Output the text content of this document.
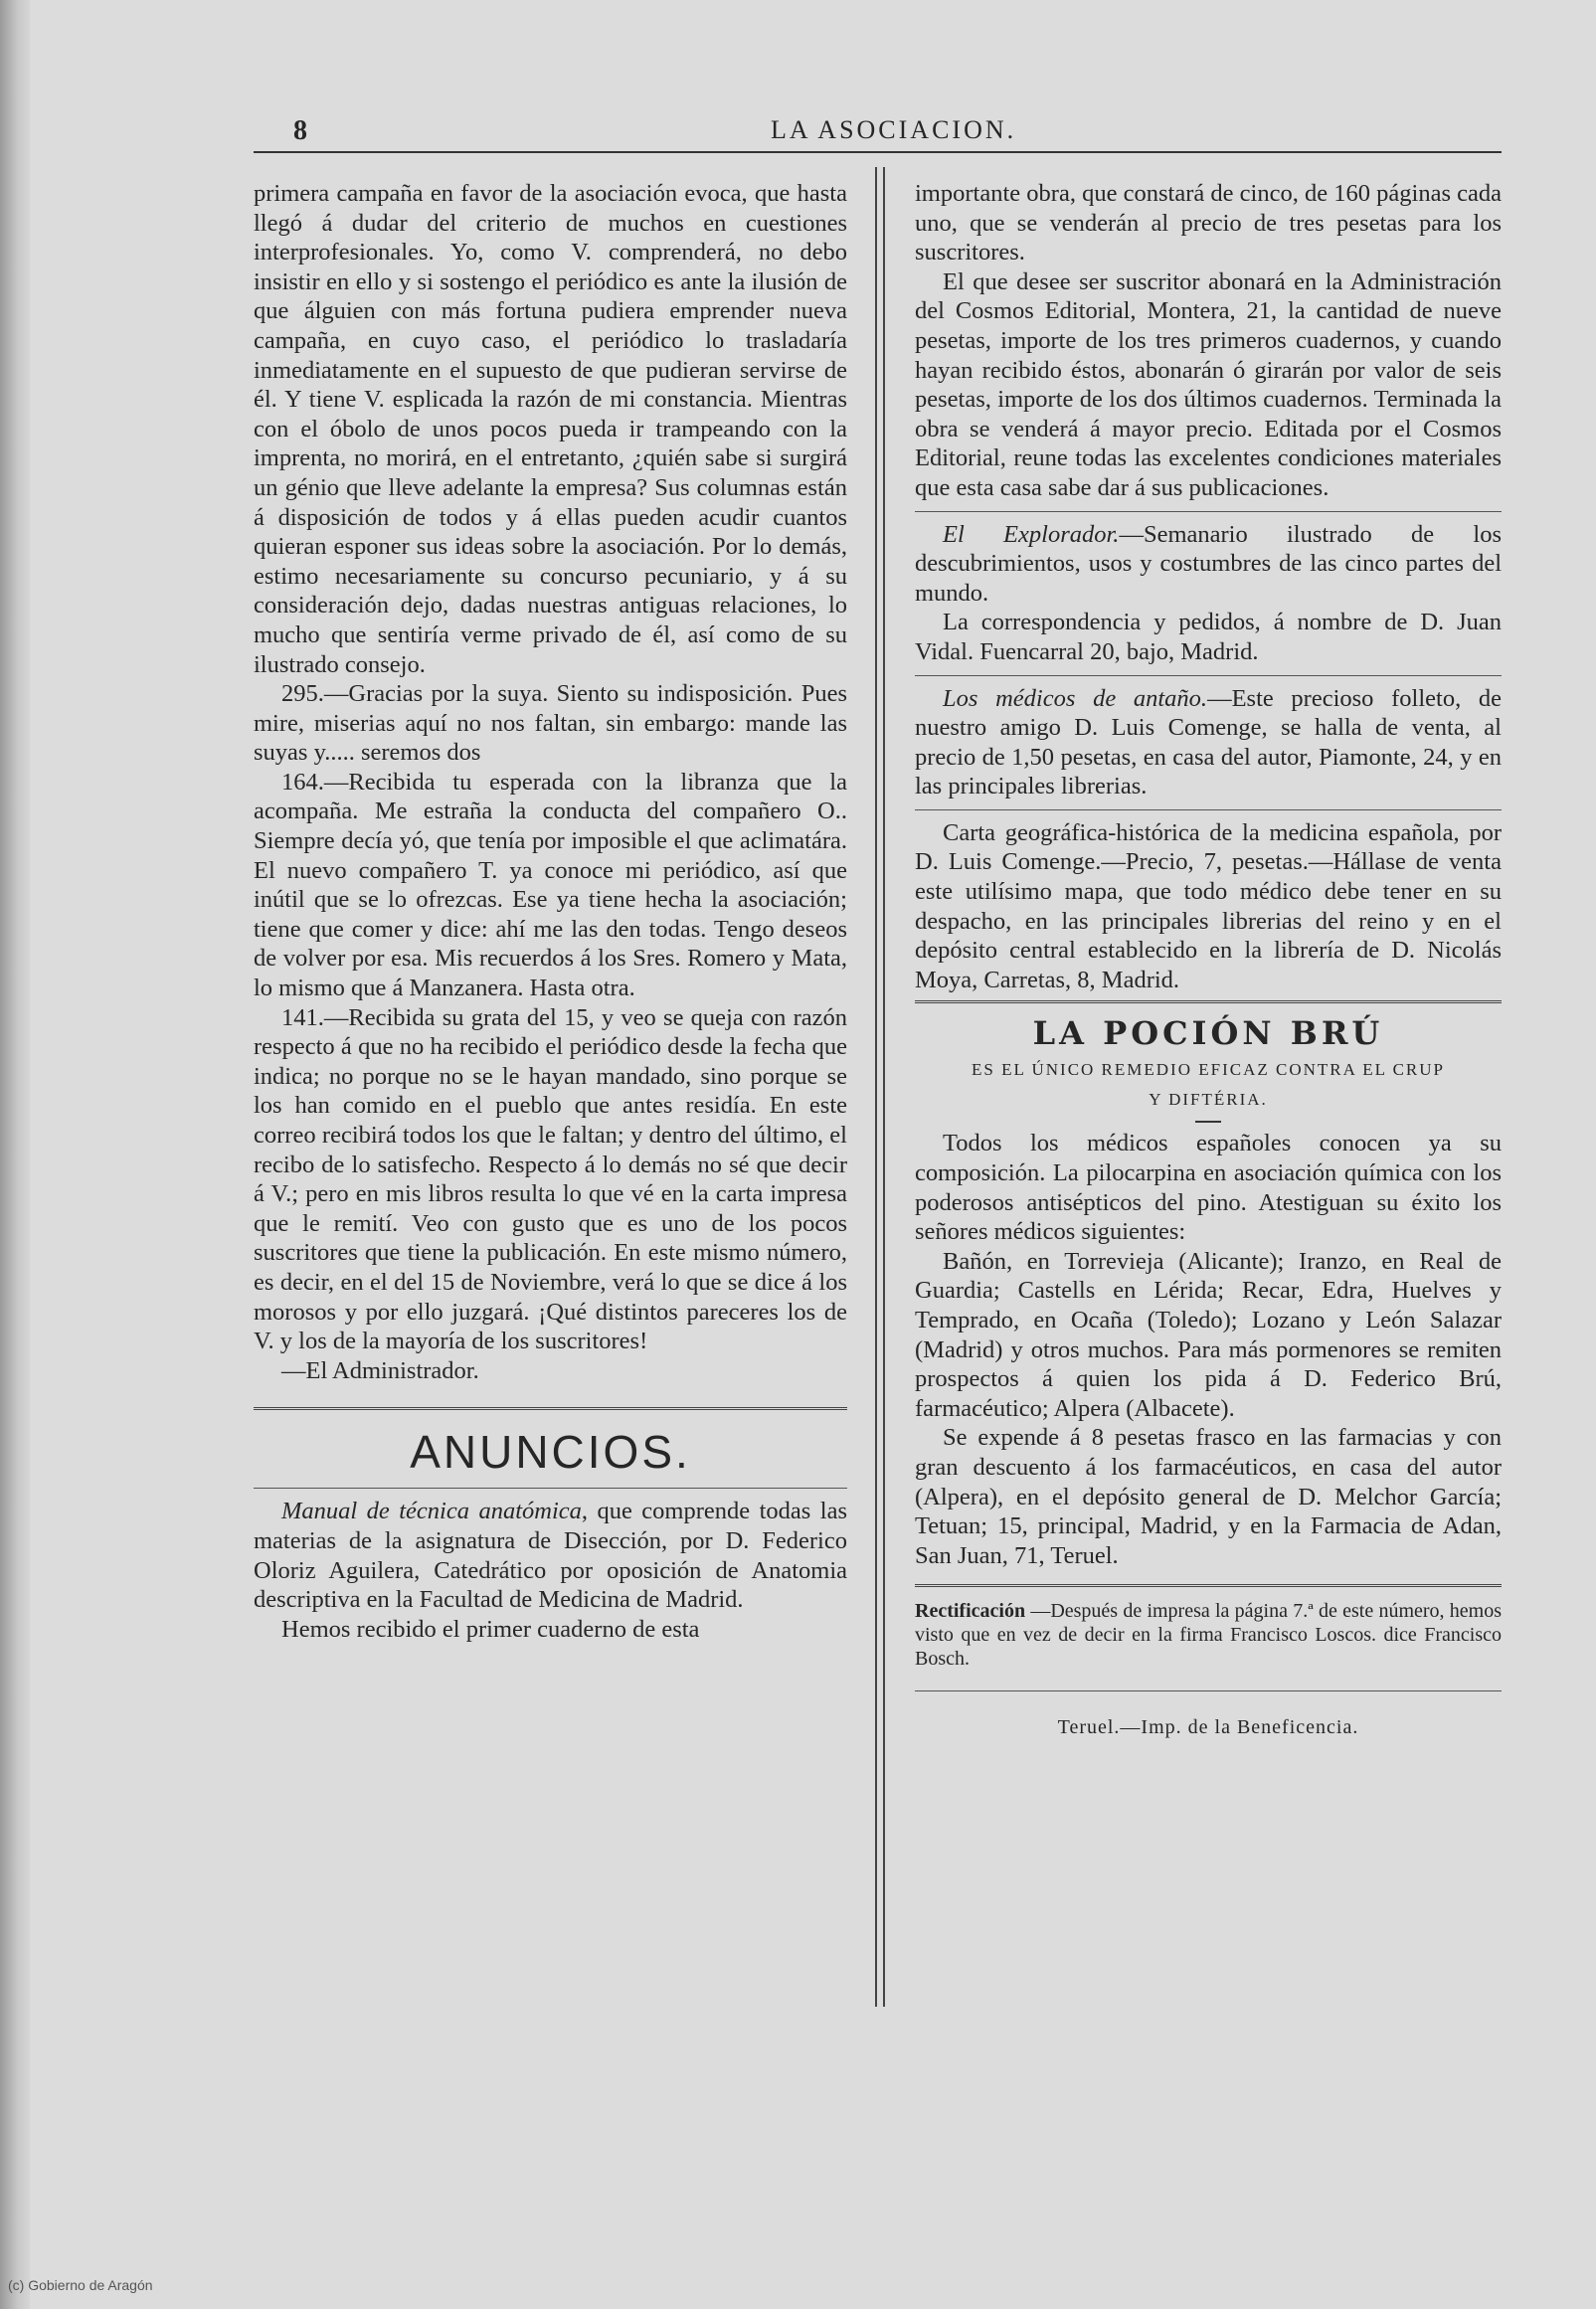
8	LA ASOCIACION.

primera campaña en favor de la asociación evoca, que hasta llegó á dudar del criterio de muchos en cuestiones interprofesionales. Yo, como V. comprenderá, no debo insistir en ello y si sostengo el periódico es ante la ilusión de que álguien con más fortuna pudiera emprender nueva campaña, en cuyo caso, el periódico lo trasladaría inmediatamente en el supuesto de que pudieran servirse de él. Y tiene V. esplicada la razón de mi constancia. Mientras con el óbolo de unos pocos pueda ir trampeando con la imprenta, no morirá, en el entretanto, ¿quién sabe si surgirá un génio que lleve adelante la empresa? Sus columnas están á disposición de todos y á ellas pueden acudir cuantos quieran esponer sus ideas sobre la asociación. Por lo demás, estimo necesariamente su concurso pecuniario, y á su consideración dejo, dadas nuestras antiguas relaciones, lo mucho que sentiría verme privado de él, así como de su ilustrado consejo.

295.—Gracias por la suya. Siento su indisposición. Pues mire, miserias aquí no nos faltan, sin embargo: mande las suyas y..... seremos dos

164.—Recibida tu esperada con la libranza que la acompaña. Me estraña la conducta del compañero O.. Siempre decía yó, que tenía por imposible el que aclimatára. El nuevo compañero T. ya conoce mi periódico, así que inútil que se lo ofrezcas. Ese ya tiene hecha la asociación; tiene que comer y dice: ahí me las den todas. Tengo deseos de volver por esa. Mis recuerdos á los Sres. Romero y Mata, lo mismo que á Manzanera. Hasta otra.

141.—Recibida su grata del 15, y veo se queja con razón respecto á que no ha recibido el periódico desde la fecha que indica; no porque no se le hayan mandado, sino porque se los han comido en el pueblo que antes residía. En este correo recibirá todos los que le faltan; y dentro del último, el recibo de lo satisfecho. Respecto á lo demás no sé que decir á V.; pero en mis libros resulta lo que vé en la carta impresa que le remití. Veo con gusto que es uno de los pocos suscritores que tiene la publicación. En este mismo número, es decir, en el del 15 de Noviembre, verá lo que se dice á los morosos y por ello juzgará. ¡Qué distintos pareceres los de V. y los de la mayoría de los suscritores!

—El Administrador.

ANUNCIOS.

Manual de técnica anatómica, que comprende todas las materias de la asignatura de Disección, por D. Federico Oloriz Aguilera, Catedrático por oposición de Anatomia descriptiva en la Facultad de Medicina de Madrid.

Hemos recibido el primer cuaderno de esta

importante obra, que constará de cinco, de 160 páginas cada uno, que se venderán al precio de tres pesetas para los suscritores.

El que desee ser suscritor abonará en la Administración del Cosmos Editorial, Montera, 21, la cantidad de nueve pesetas, importe de los tres primeros cuadernos, y cuando hayan recibido éstos, abonarán ó girarán por valor de seis pesetas, importe de los dos últimos cuadernos. Terminada la obra se venderá á mayor precio. Editada por el Cosmos Editorial, reune todas las excelentes condiciones materiales que esta casa sabe dar á sus publicaciones.

El Explorador.—Semanario ilustrado de los descubrimientos, usos y costumbres de las cinco partes del mundo.

La correspondencia y pedidos, á nombre de D. Juan Vidal. Fuencarral 20, bajo, Madrid.

Los médicos de antaño.—Este precioso folleto, de nuestro amigo D. Luis Comenge, se halla de venta, al precio de 1,50 pesetas, en casa del autor, Piamonte, 24, y en las principales librerias.

Carta geográfica-histórica de la medicina española, por D. Luis Comenge.—Precio, 7, pesetas.—Hállase de venta este utilísimo mapa, que todo médico debe tener en su despacho, en las principales librerias del reino y en el depósito central establecido en la librería de D. Nicolás Moya, Carretas, 8, Madrid.

LA POCIÓN BRÚ
ES EL ÚNICO REMEDIO EFICAZ CONTRA EL CRUP
Y DIFTÉRIA.

Todos los médicos españoles conocen ya su composición. La pilocarpina en asociación química con los poderosos antisépticos del pino. Atestiguan su éxito los señores médicos siguientes:

Bañón, en Torrevieja (Alicante); Iranzo, en Real de Guardia; Castells en Lérida; Recar, Edra, Huelves y Temprado, en Ocaña (Toledo); Lozano y León Salazar (Madrid) y otros muchos. Para más pormenores se remiten prospectos á quien los pida á D. Federico Brú, farmacéutico; Alpera (Albacete).

Se expende á 8 pesetas frasco en las farmacias y con gran descuento á los farmacéuticos, en casa del autor (Alpera), en el depósito general de D. Melchor García; Tetuan; 15, principal, Madrid, y en la Farmacia de Adan, San Juan, 71, Teruel.

Rectificación —Después de impresa la página 7.ª de este número, hemos visto que en vez de decir en la firma Francisco Loscos. dice Francisco Bosch.

Teruel.—Imp. de la Beneficencia.
(c) Gobierno de Aragón
